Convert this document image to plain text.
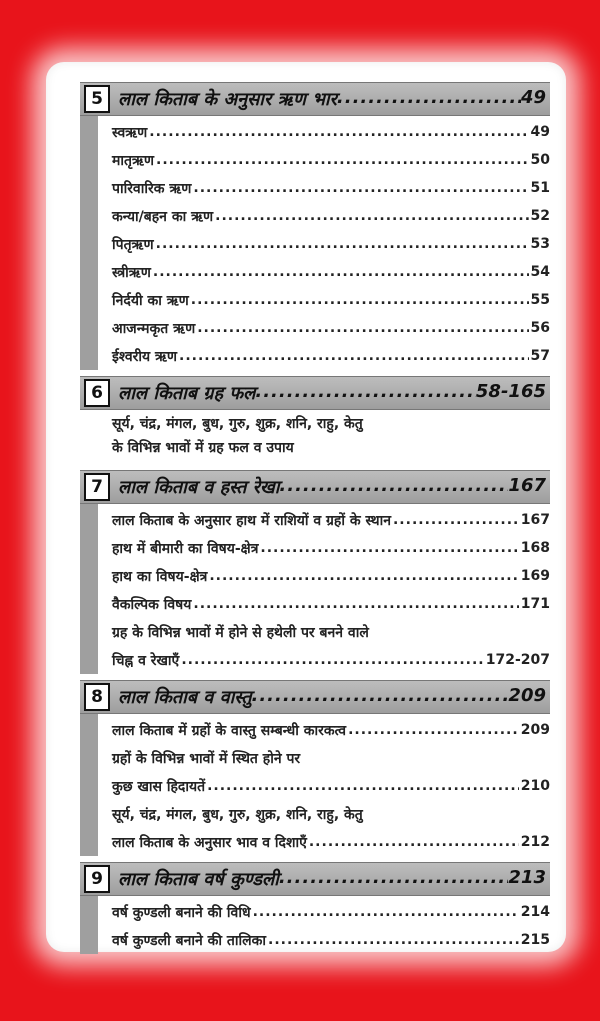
5 लाल किताब के अनुसार ऋण भार .....	49
स्वऋण .....	49
मातृऋण .....	50
पारिवारिक ऋण .....	51
कन्या/बहन का ऋण .....	52
पितृऋण .....	53
स्त्रीऋण .....	54
निर्दयी का ऋण .....	55
आजन्मकृत ऋण .....	56
ईश्वरीय ऋण .....	57
6 लाल किताब ग्रह फल .....	58-165
सूर्य, चंद्र, मंगल, बुध, गुरु, शुक्र, शनि, राहु, केतु
के विभिन्न भावों में ग्रह फल व उपाय
7 लाल किताब व हस्त रेखा .....	167
लाल किताब के अनुसार हाथ में राशियों व ग्रहों के स्थान .....	167
हाथ में बीमारी का विषय-क्षेत्र .....	168
हाथ का विषय-क्षेत्र .....	169
वैकल्पिक विषय .....	171
ग्रह के विभिन्न भावों में होने से हथेली पर बनने वाले
चिह्न व रेखाएँ .....	172-207
8 लाल किताब व वास्तु .....	209
लाल किताब में ग्रहों के वास्तु सम्बन्धी कारकत्व .....	209
ग्रहों के विभिन्न भावों में स्थित होने पर
कुछ खास हिदायतें .....	210
सूर्य, चंद्र, मंगल, बुध, गुरु, शुक्र, शनि, राहु, केतु
लाल किताब के अनुसार भाव व दिशाएँ .....	212
9 लाल किताब वर्ष कुण्डली .....	213
वर्ष कुण्डली बनाने की विधि .....	214
वर्ष कुण्डली बनाने की तालिका .....	215
